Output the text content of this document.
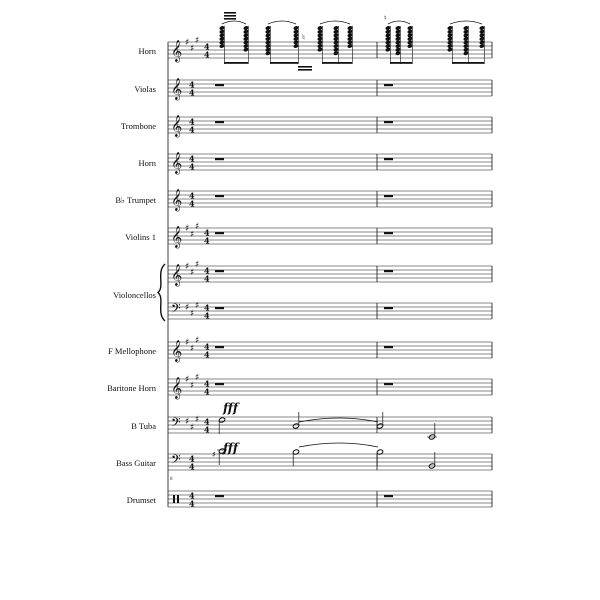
Horn
Violas
Trombone
Horn
B♭ Trumpet
Violins 1
Violoncellos
F Mellophone
Baritone Horn
B Tuba
Bass Guitar
Drumset
8
𝄞 ♯
♯
♯
4
4
𝄞 4
4
𝄞 4
4
𝄞 4
4
𝄞 4
4
𝄞 ♯
♯
♯
4
4
𝄞 ♯
♯
♯
4
4
𝄢 ♯
♯
♯ 4
4
𝄞 ♯
♯
♯
4
4
𝄞 ♯
♯
♯
4
4
𝄢 ♯
♯
♯ 4
4
𝄢 4
4
4
4
♮
♮
fff
fff
♯
